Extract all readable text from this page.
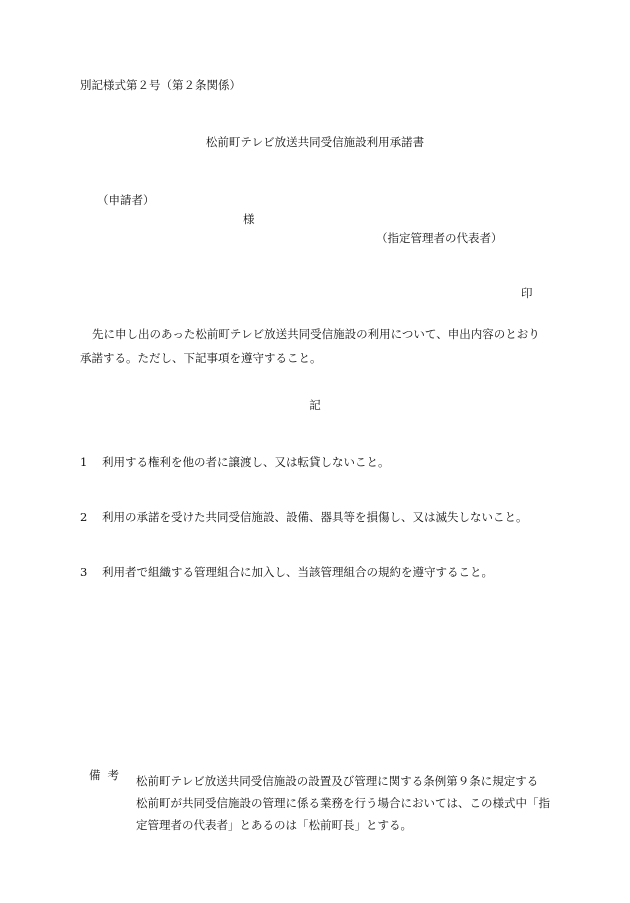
別記様式第２号（第２条関係）
松前町テレビ放送共同受信施設利用承諾書
（申請者）
様
（指定管理者の代表者）
印
先に申し出のあった松前町テレビ放送共同受信施設の利用について、申出内容のとおり承諾する。ただし、下記事項を遵守すること。
記
1 利用する権利を他の者に譲渡し、又は転貸しないこと。
2 利用の承諾を受けた共同受信施設、設備、器具等を損傷し、又は滅失しないこと。
3 利用者で組織する管理組合に加入し、当該管理組合の規約を遵守すること。
備考 松前町テレビ放送共同受信施設の設置及び管理に関する条例第９条に規定する
松前町が共同受信施設の管理に係る業務を行う場合においては、この様式中「指
定管理者の代表者」とあるのは「松前町長」とする。
